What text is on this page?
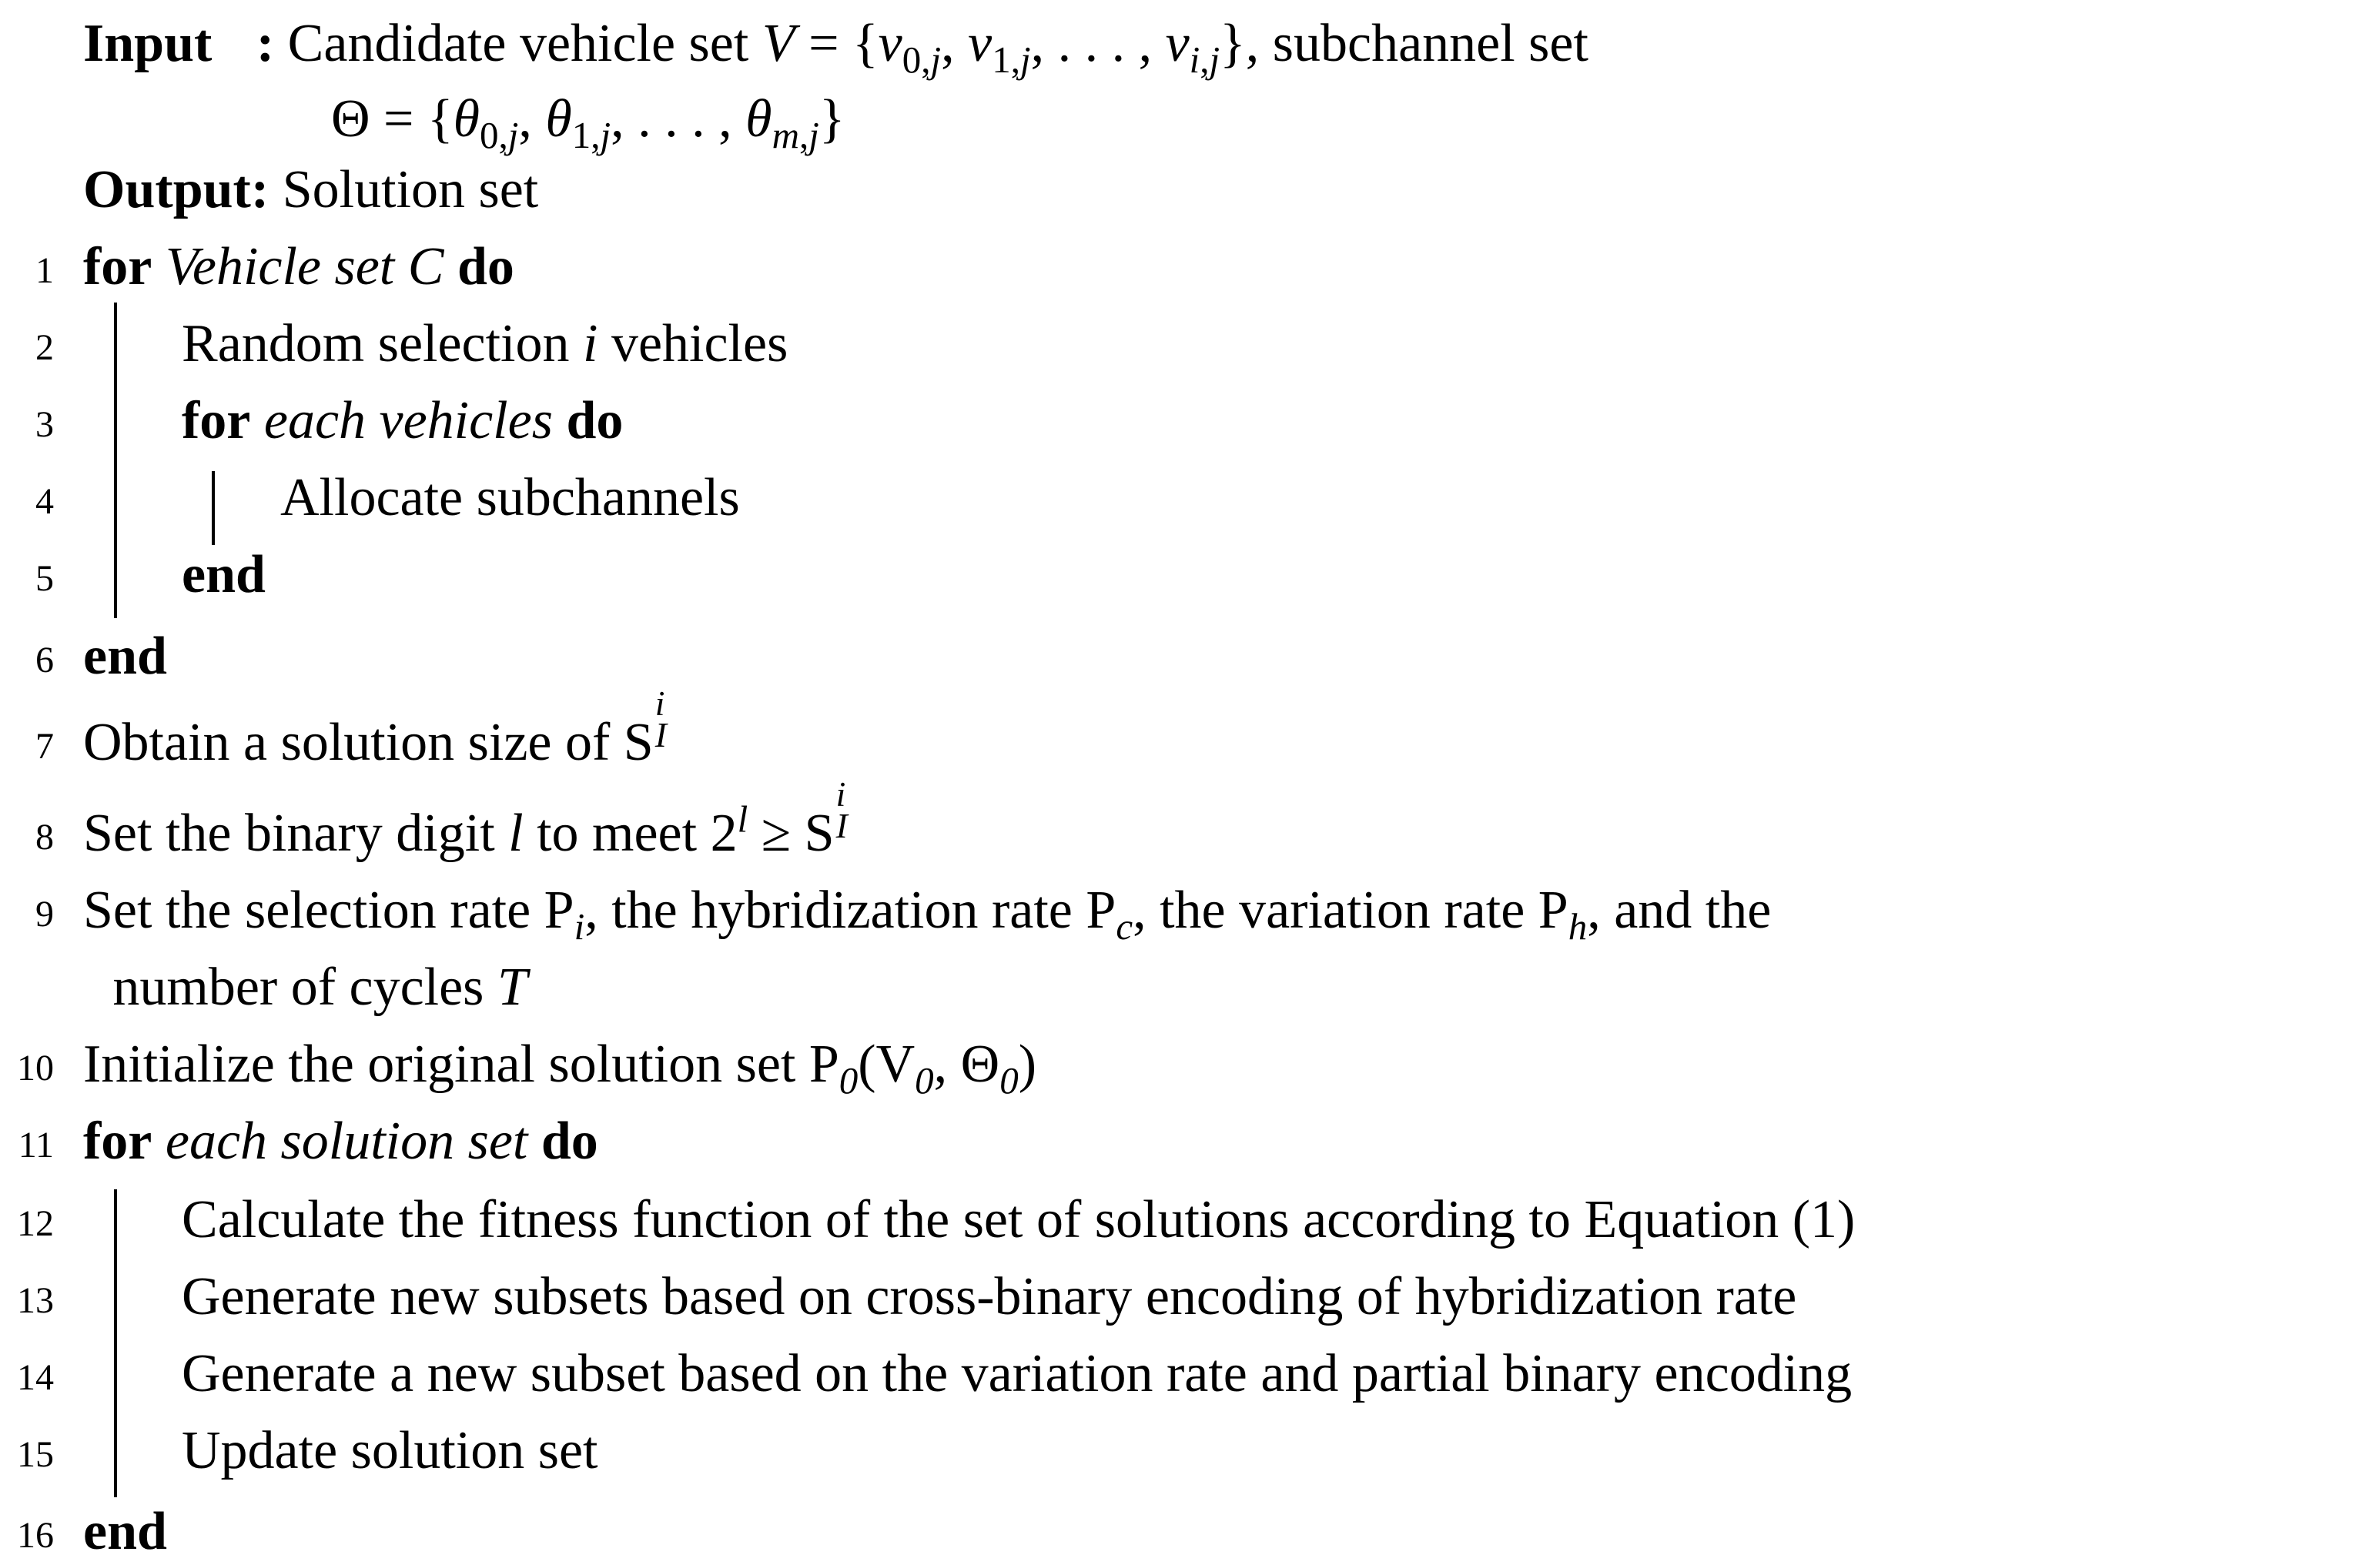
Input : Candidate vehicle set $V = \{v_{0,j}$, $v_{1,j}$, . . . , $v_{i,j}$}, subchannel set
$\Theta = \{\theta_{0,j}$, $\theta_{1,j}$, . . . , $\theta_{m,j}$}
Output: Solution set
1 for Vehicle set C do
2 Random selection i vehicles
3 for each vehicles do
4	Allocate subchannels
5 end
6 end
7 Obtain a solution size of S
i
I
8 Set the binary digit l to meet $2^l \ge S$
i
I
9 Set the selection rate $P_i$, the hybridization rate $P_c$, the variation rate $P_h$, and the
number of cycles T
10 Initialize the original solution set $P_0(V_0$, $\Theta_0$)
11 for each solution set do
12 Calculate the fitness function of the set of solutions according to Equation (1)
13 Generate new subsets based on cross-binary encoding of hybridization rate
14 Generate a new subset based on the variation rate and partial binary encoding
15 Update solution set
16 end
